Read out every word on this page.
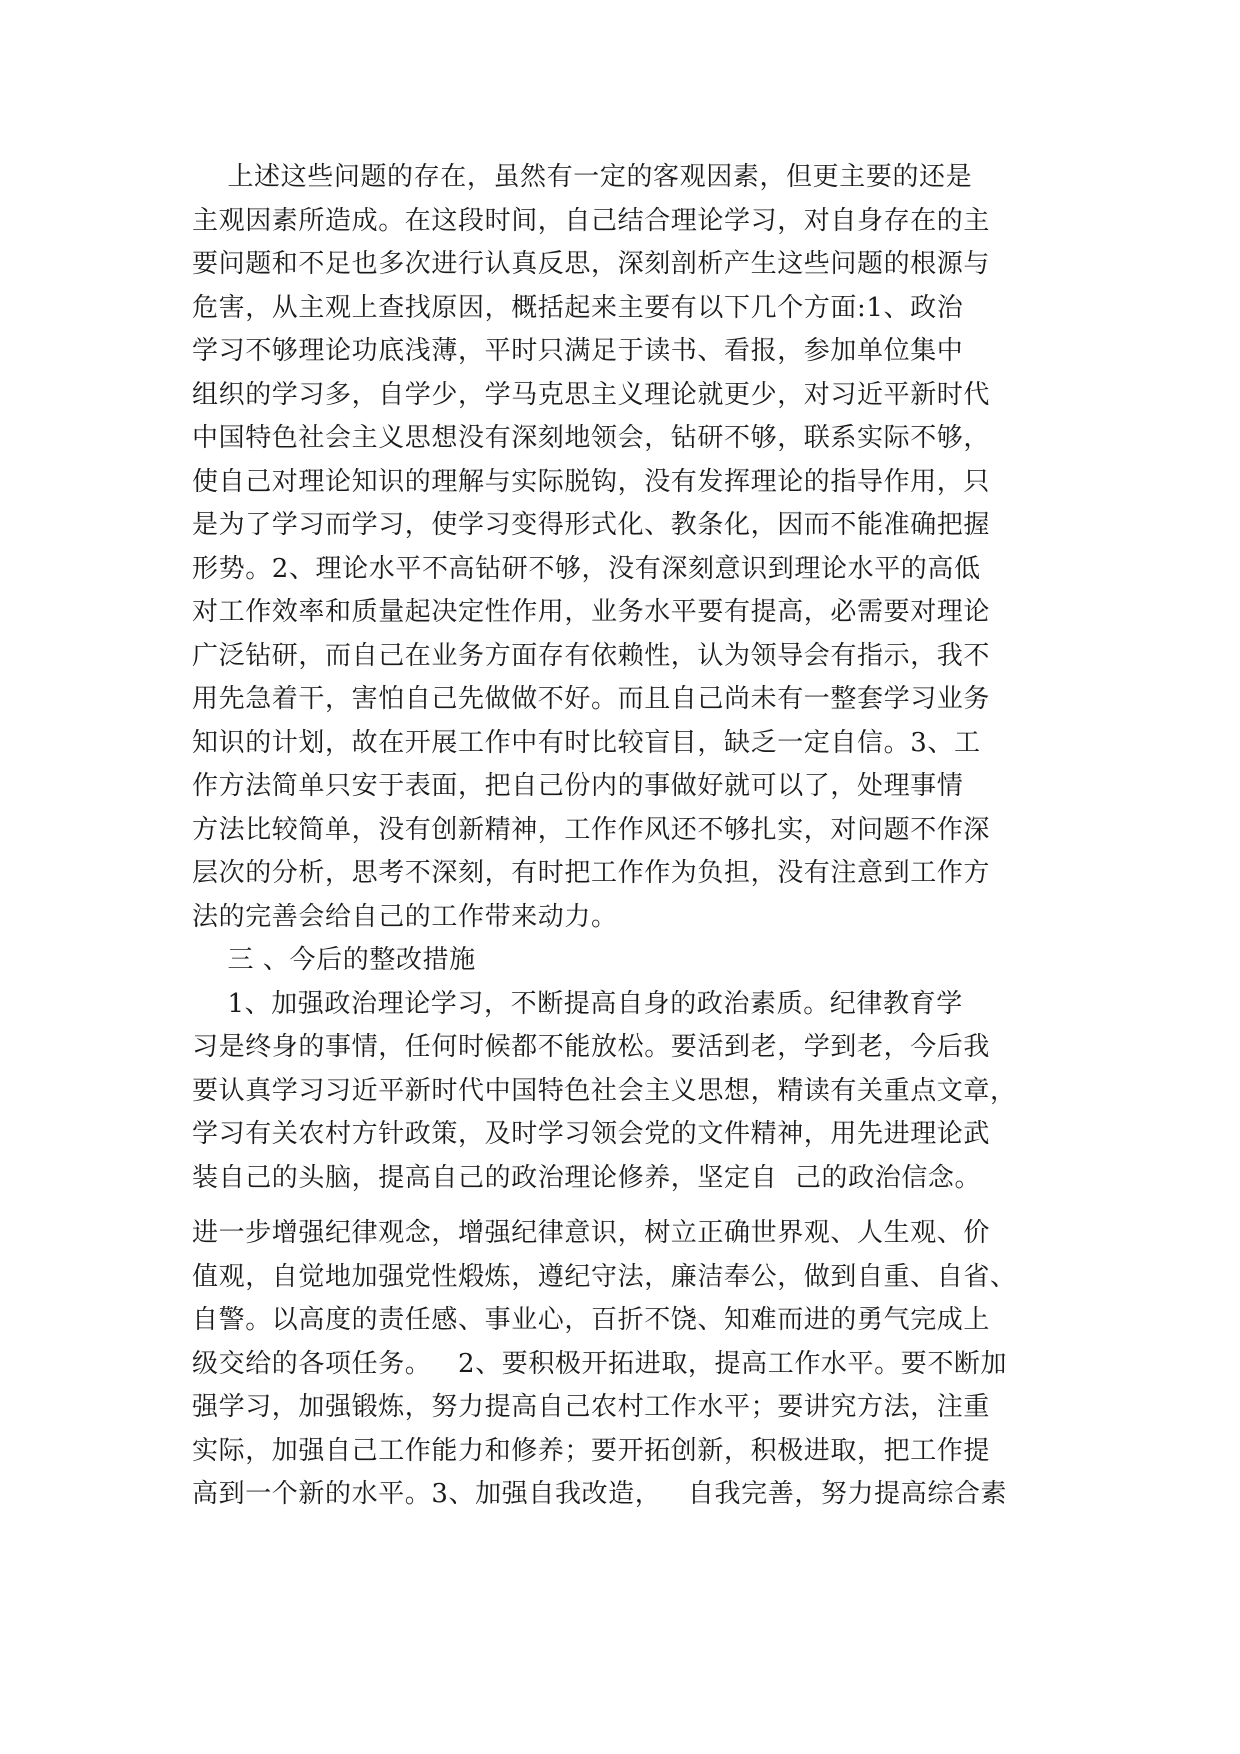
上述这些问题的存在，虽然有一定的客观因素，但更主要的还是
主观因素所造成。在这段时间，自己结合理论学习，对自身存在的主
要问题和不足也多次进行认真反思，深刻剖析产生这些问题的根源与
危害，从主观上查找原因，概括起来主要有以下几个方面:1、政治
学习不够理论功底浅薄，平时只满足于读书、看报，参加单位集中
组织的学习多，自学少，学马克思主义理论就更少，对习近平新时代
中国特色社会主义思想没有深刻地领会，钻研不够，联系实际不够，
使自己对理论知识的理解与实际脱钩，没有发挥理论的指导作用，只
是为了学习而学习，使学习变得形式化、教条化，因而不能准确把握
形势。2、理论水平不高钻研不够，没有深刻意识到理论水平的高低
对工作效率和质量起决定性作用，业务水平要有提高，必需要对理论
广泛钻研，而自己在业务方面存有依赖性，认为领导会有指示，我不
用先急着干，害怕自己先做做不好。而且自己尚未有一整套学习业务
知识的计划，故在开展工作中有时比较盲目，缺乏一定自信。3、工
作方法简单只安于表面，把自己份内的事做好就可以了，处理事情
方法比较简单，没有创新精神，工作作风还不够扎实，对问题不作深
层次的分析，思考不深刻，有时把工作作为负担，没有注意到工作方
法的完善会给自己的工作带来动力。
三 、今后的整改措施
1、加强政治理论学习，不断提高自身的政治素质。纪律教育学
习是终身的事情，任何时候都不能放松。要活到老，学到老，今后我
要认真学习习近平新时代中国特色社会主义思想，精读有关重点文章，
学习有关农村方针政策，及时学习领会党的文件精神，用先进理论武
装自己的头脑，提高自己的政治理论修养，坚定自  己的政治信念。
进一步增强纪律观念，增强纪律意识，树立正确世界观、人生观、价
值观，自觉地加强党性煅炼，遵纪守法，廉洁奉公，做到自重、自省、
自警。以高度的责任感、事业心，百折不饶、知难而进的勇气完成上
级交给的各项任务。   2、要积极开拓进取，提高工作水平。要不断加
强学习，加强锻炼，努力提高自己农村工作水平；要讲究方法，注重
实际，加强自己工作能力和修养；要开拓创新，积极进取，把工作提
高到一个新的水平。3、加强自我改造，   自我完善，努力提高综合素
